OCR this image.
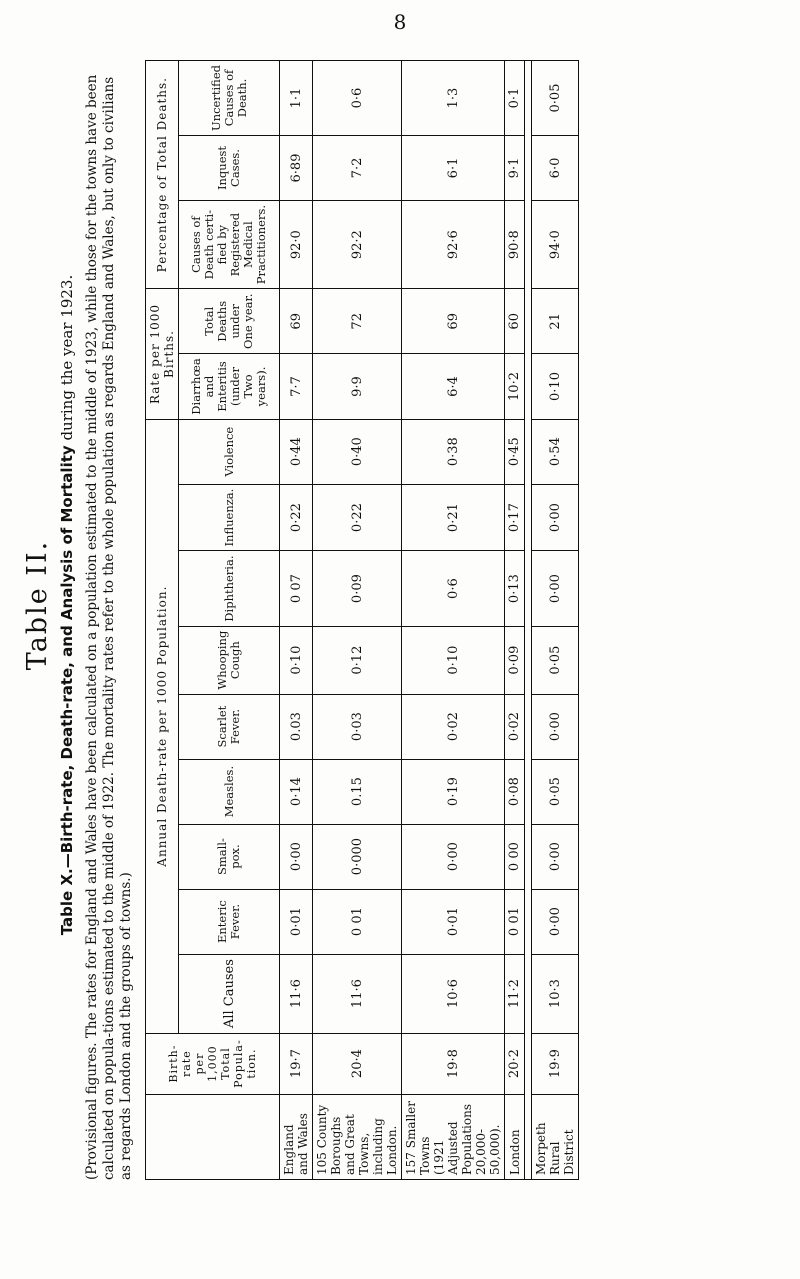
8
Table II. Table X.—Birth-rate, Death-rate, and Analysis of Mortality during the year 1923. (Provisional figures. The rates for England and Wales have been calculated on a population estimated to the middle of 1923, while those for the towns have been calculated on popula-tions estimated to the middle of 1922. The mortality rates refer to the whole population as regards England and Wales, but only to civilians as regards London and the groups of towns.)
		Birth-rate per 1,000 Total Popula-tion.	Annual Death-rate per 1000 Population.									Rate per 1000 Births.		Percentage of Total Deaths.		
		All Causes	Enteric Fever.	Small-pox.	Measles.	Scarlet Fever.	Whooping Cough	Diphtheria.	Influenza.	Violence	Diarrhœa and Enteritis (under Two years).	Total Deaths under One year.	Causes of Death certi-fied by Registered Medical Practitioners.	Inquest Cases.	Uncertified Causes of Death.
England and Wales	19·7	11·6	0·01	0·00	0·14	0.03	0·10	0 07	0·22	0·44	7·7	69	92·0	6·89	1·1
105 County Boroughs and Great Towns, including London.	20·4	11·6	0 01	0·000	0.15	0·03	0·12	0·09	0·22	0·40	9·9	72	92·2	7·2	0·6
157 Smaller Towns (1921 Adjusted Populations 20,000-50,000).	19·8	10·6	0·01	0·00	0·19	0·02	0·10	0·6	0·21	0·38	6·4	69	92·6	6·1	1·3
London	20·2	11·2	0 01	0 00	0·08	0·02	0·09	0·13	0·17	0·45	10·2	60	90·8	9·1	0·1

Morpeth Rural District	19·9	10·3	0·00	0·00	0·05	0·00	0·05	0·00	0·00	0·54	0·10	21	94·0	6·0	0·05
